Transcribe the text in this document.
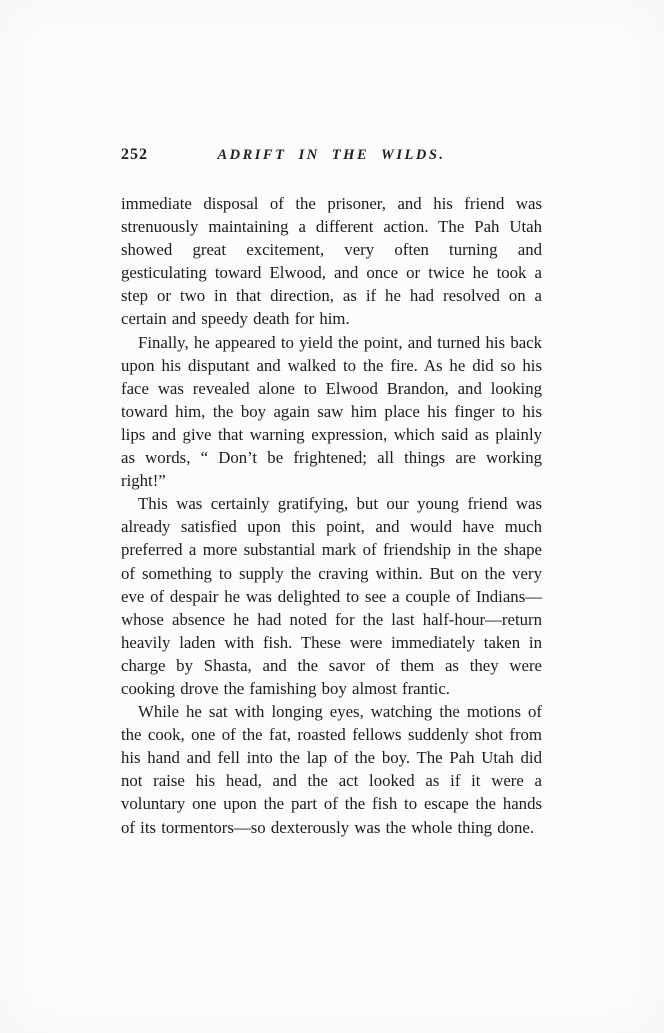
252	ADRIFT IN THE WILDS.

immediate disposal of the prisoner, and his friend was strenuously maintaining a different action. The Pah Utah showed great excitement, very often turning and gesticulating toward Elwood, and once or twice he took a step or two in that direction, as if he had resolved on a certain and speedy death for him.

Finally, he appeared to yield the point, and turned his back upon his disputant and walked to the fire. As he did so his face was revealed alone to Elwood Brandon, and looking toward him, the boy again saw him place his finger to his lips and give that warning expression, which said as plainly as words, “ Don’t be frightened; all things are working right!”

This was certainly gratifying, but our young friend was already satisfied upon this point, and would have much preferred a more substantial mark of friendship in the shape of something to supply the craving within. But on the very eve of despair he was delighted to see a couple of Indians—whose absence he had noted for the last half-hour—return heavily laden with fish. These were immediately taken in charge by Shasta, and the savor of them as they were cooking drove the famishing boy almost frantic.

While he sat with longing eyes, watching the motions of the cook, one of the fat, roasted fellows suddenly shot from his hand and fell into the lap of the boy. The Pah Utah did not raise his head, and the act looked as if it were a voluntary one upon the part of the fish to escape the hands of its tormentors—so dexterously was the whole thing done.
